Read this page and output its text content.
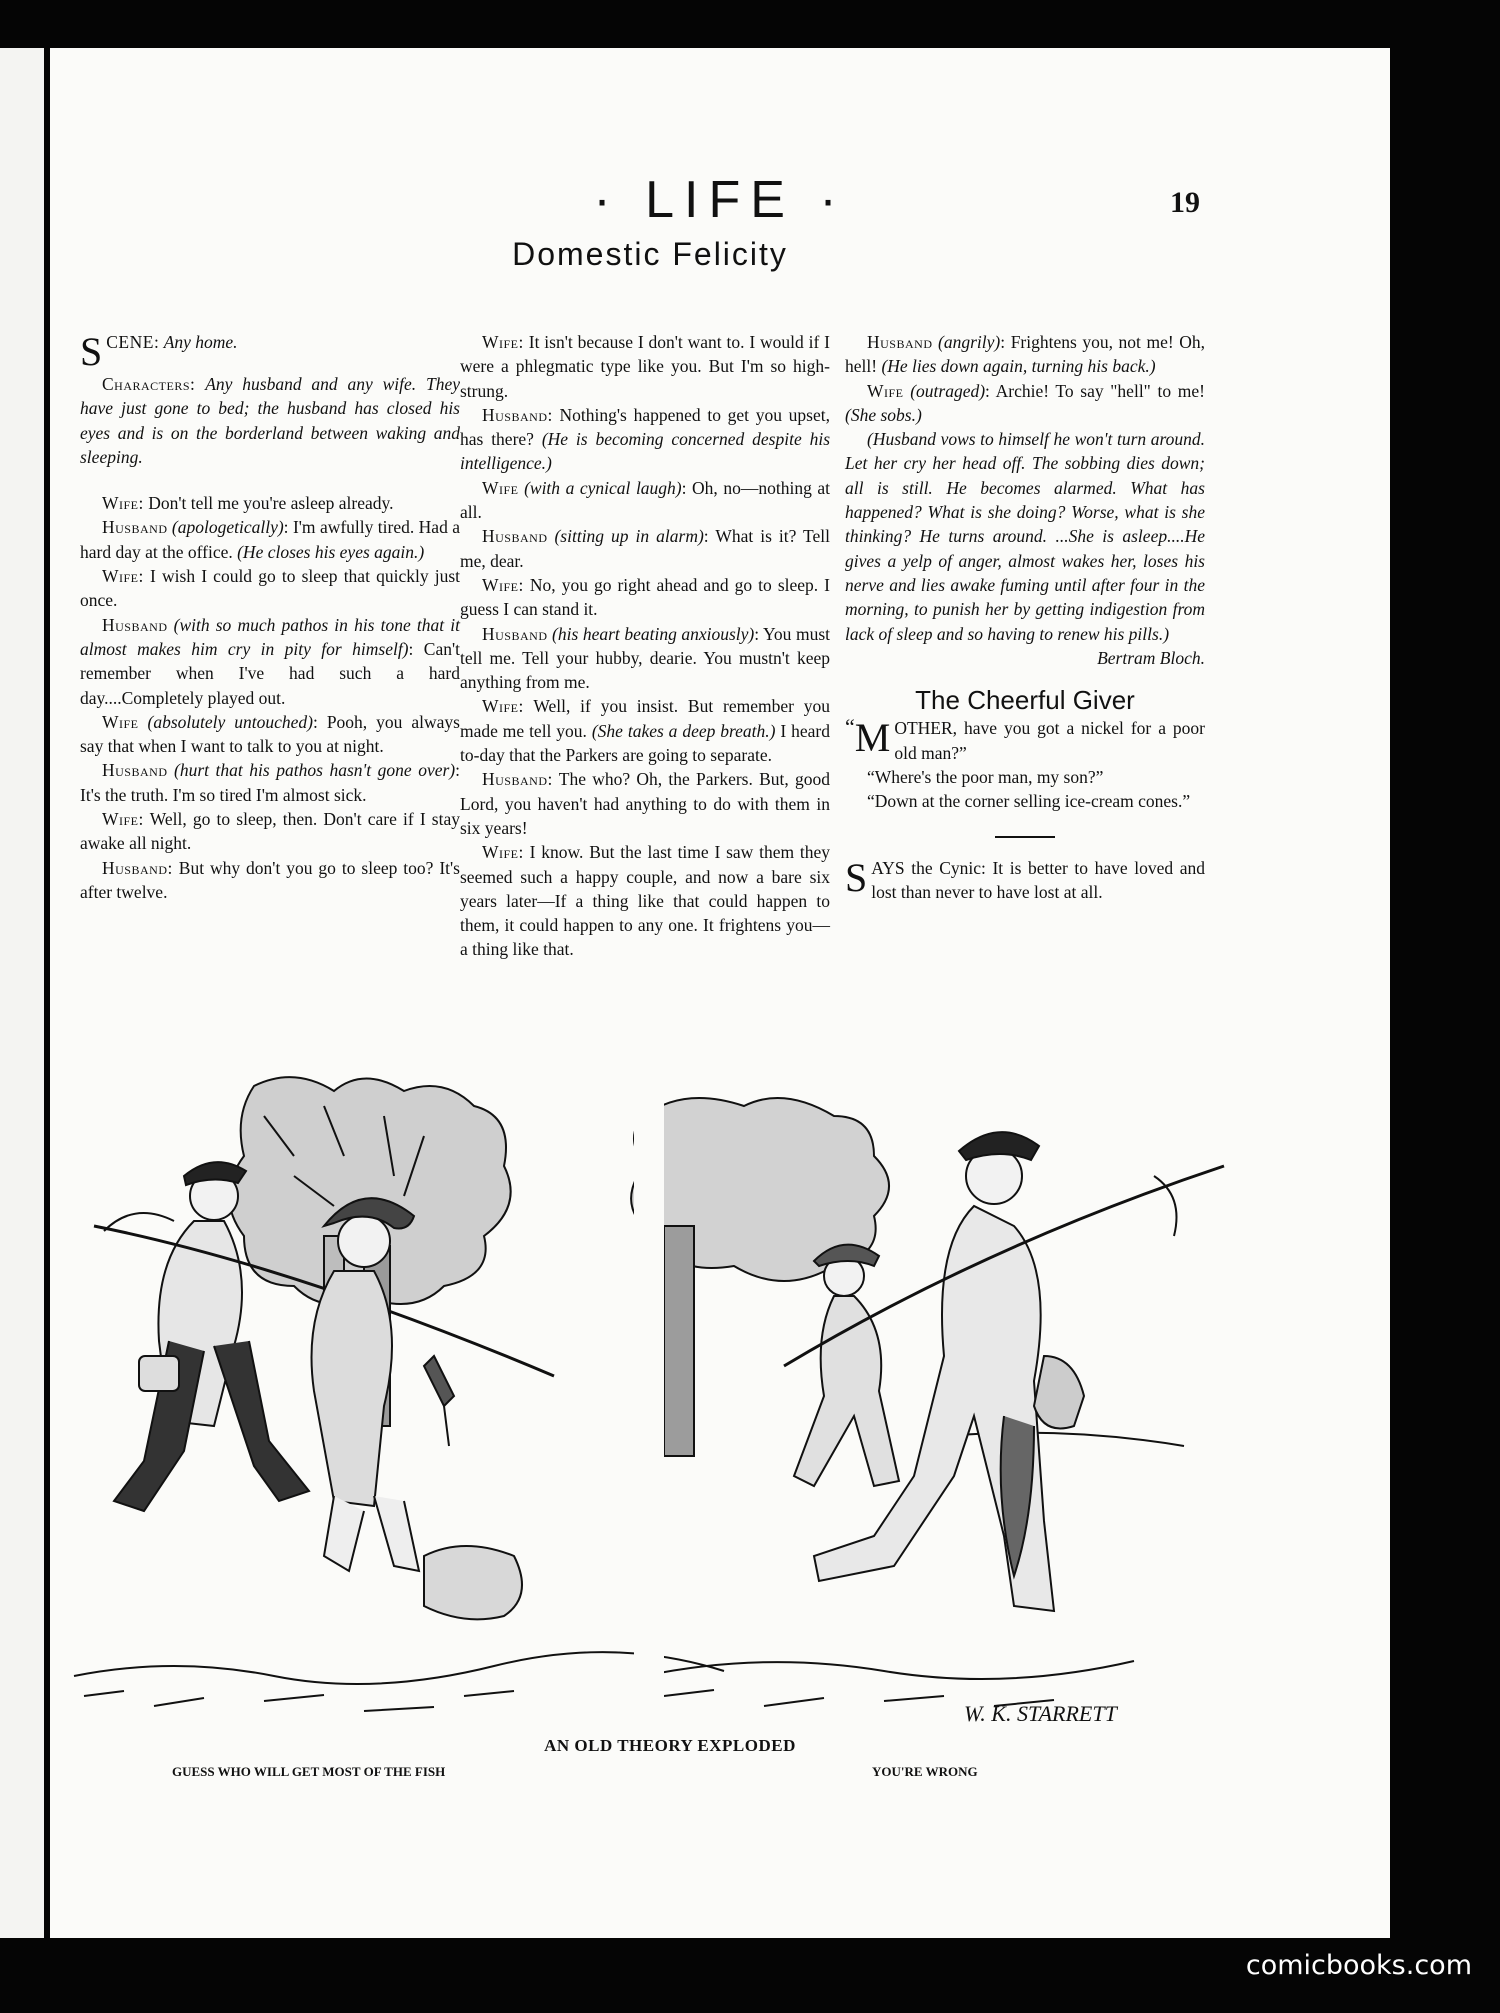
· LIFE ·	19
Domestic Felicity

SCENE: Any home.

Characters: Any husband and any wife. They have just gone to bed; the husband has closed his eyes and is on the borderland between waking and sleeping.

Wife: Don't tell me you're asleep already.

Husband (apologetically): I'm awfully tired. Had a hard day at the office. (He closes his eyes again.)

Wife: I wish I could go to sleep that quickly just once.

Husband (with so much pathos in his tone that it almost makes him cry in pity for himself): Can't remember when I've had such a hard day....Completely played out.

Wife (absolutely untouched): Pooh, you always say that when I want to talk to you at night.

Husband (hurt that his pathos hasn't gone over): It's the truth. I'm so tired I'm almost sick.

Wife: Well, go to sleep, then. Don't care if I stay awake all night.

Husband: But why don't you go to sleep too? It's after twelve.

Wife: It isn't because I don't want to. I would if I were a phlegmatic type like you. But I'm so high-strung.

Husband: Nothing's happened to get you upset, has there? (He is becoming concerned despite his intelligence.)

Wife (with a cynical laugh): Oh, no—nothing at all.

Husband (sitting up in alarm): What is it? Tell me, dear.

Wife: No, you go right ahead and go to sleep. I guess I can stand it.

Husband (his heart beating anxiously): You must tell me. Tell your hubby, dearie. You mustn't keep anything from me.

Wife: Well, if you insist. But remember you made me tell you. (She takes a deep breath.) I heard to-day that the Parkers are going to separate.

Husband: The who? Oh, the Parkers. But, good Lord, you haven't had anything to do with them in six years!

Wife: I know. But the last time I saw them they seemed such a happy couple, and now a bare six years later—If a thing like that could happen to them, it could happen to any one. It frightens you—a thing like that.

Husband (angrily): Frightens you, not me! Oh, hell! (He lies down again, turning his back.)

Wife (outraged): Archie! To say "hell" to me! (She sobs.)

(Husband vows to himself he won't turn around. Let her cry her head off. The sobbing dies down; all is still. He becomes alarmed. What has happened? What is she doing? Worse, what is she thinking? He turns around. ...She is asleep....He gives a yelp of anger, almost wakes her, loses his nerve and lies awake fuming until after four in the morning, to punish her by getting indigestion from lack of sleep and so having to renew his pills.)

Bertram Bloch.

The Cheerful Giver

“ M OTHER, have you got a nickel for a poor old man?”

“Where's the poor man, my son?”

“Down at the corner selling ice-cream cones.”

SAYS the Cynic: It is better to have loved and lost than never to have lost at all.

W. K. STARRETT
AN OLD THEORY EXPLODED
GUESS WHO WILL GET MOST OF THE FISH	YOU'RE WRONG
comicbooks.com
